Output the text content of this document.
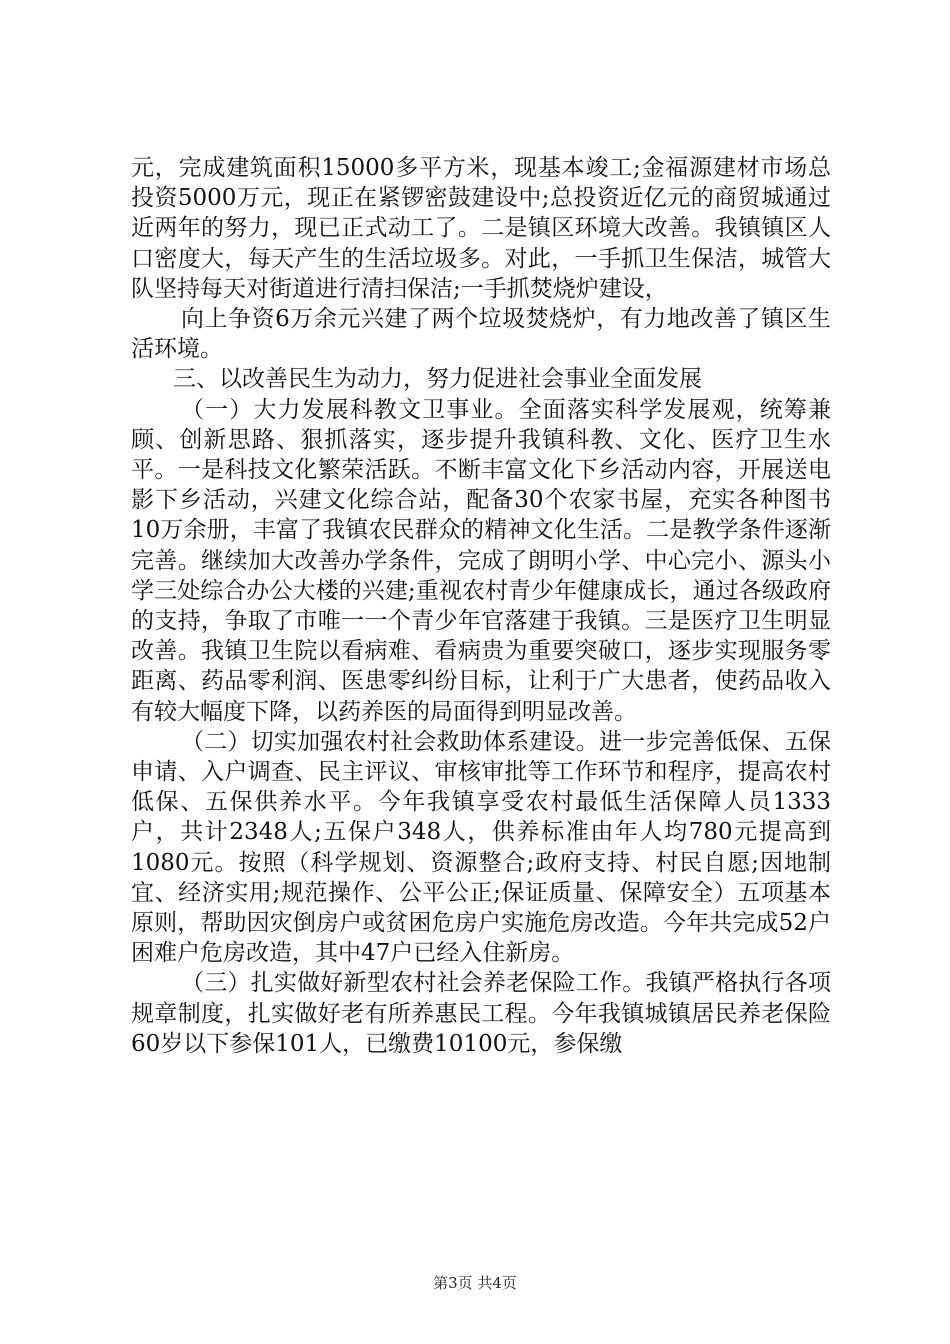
元，完成建筑面积15000多平方米，现基本竣工;金福源建材市场总投资5000万元，现正在紧锣密鼓建设中;总投资近亿元的商贸城通过近两年的努力，现已正式动工了。二是镇区环境大改善。我镇镇区人口密度大，每天产生的生活垃圾多。对此，一手抓卫生保洁，城管大队坚持每天对街道进行清扫保洁;一手抓焚烧炉建设，

向上争资6万余元兴建了两个垃圾焚烧炉，有力地改善了镇区生活环境。

三、以改善民生为动力，努力促进社会事业全面发展

（一）大力发展科教文卫事业。全面落实科学发展观，统筹兼顾、创新思路、狠抓落实，逐步提升我镇科教、文化、医疗卫生水平。一是科技文化繁荣活跃。不断丰富文化下乡活动内容，开展送电影下乡活动，兴建文化综合站，配备30个农家书屋，充实各种图书10万余册，丰富了我镇农民群众的精神文化生活。二是教学条件逐渐完善。继续加大改善办学条件，完成了朗明小学、中心完小、源头小学三处综合办公大楼的兴建;重视农村青少年健康成长，通过各级政府的支持，争取了市唯一一个青少年官落建于我镇。三是医疗卫生明显改善。我镇卫生院以看病难、看病贵为重要突破口，逐步实现服务零距离、药品零利润、医患零纠纷目标，让利于广大患者，使药品收入有较大幅度下降，以药养医的局面得到明显改善。

（二）切实加强农村社会救助体系建设。进一步完善低保、五保申请、入户调查、民主评议、审核审批等工作环节和程序，提高农村低保、五保供养水平。今年我镇享受农村最低生活保障人员1333户，共计2348人;五保户348人，供养标准由年人均780元提高到1080元。按照（科学规划、资源整合;政府支持、村民自愿;因地制宜、经济实用;规范操作、公平公正;保证质量、保障安全）五项基本原则，帮助因灾倒房户或贫困危房户实施危房改造。今年共完成52户困难户危房改造，其中47户已经入住新房。

（三）扎实做好新型农村社会养老保险工作。我镇严格执行各项规章制度，扎实做好老有所养惠民工程。今年我镇城镇居民养老保险60岁以下参保101人，已缴费10100元，参保缴

第3页 共4页
